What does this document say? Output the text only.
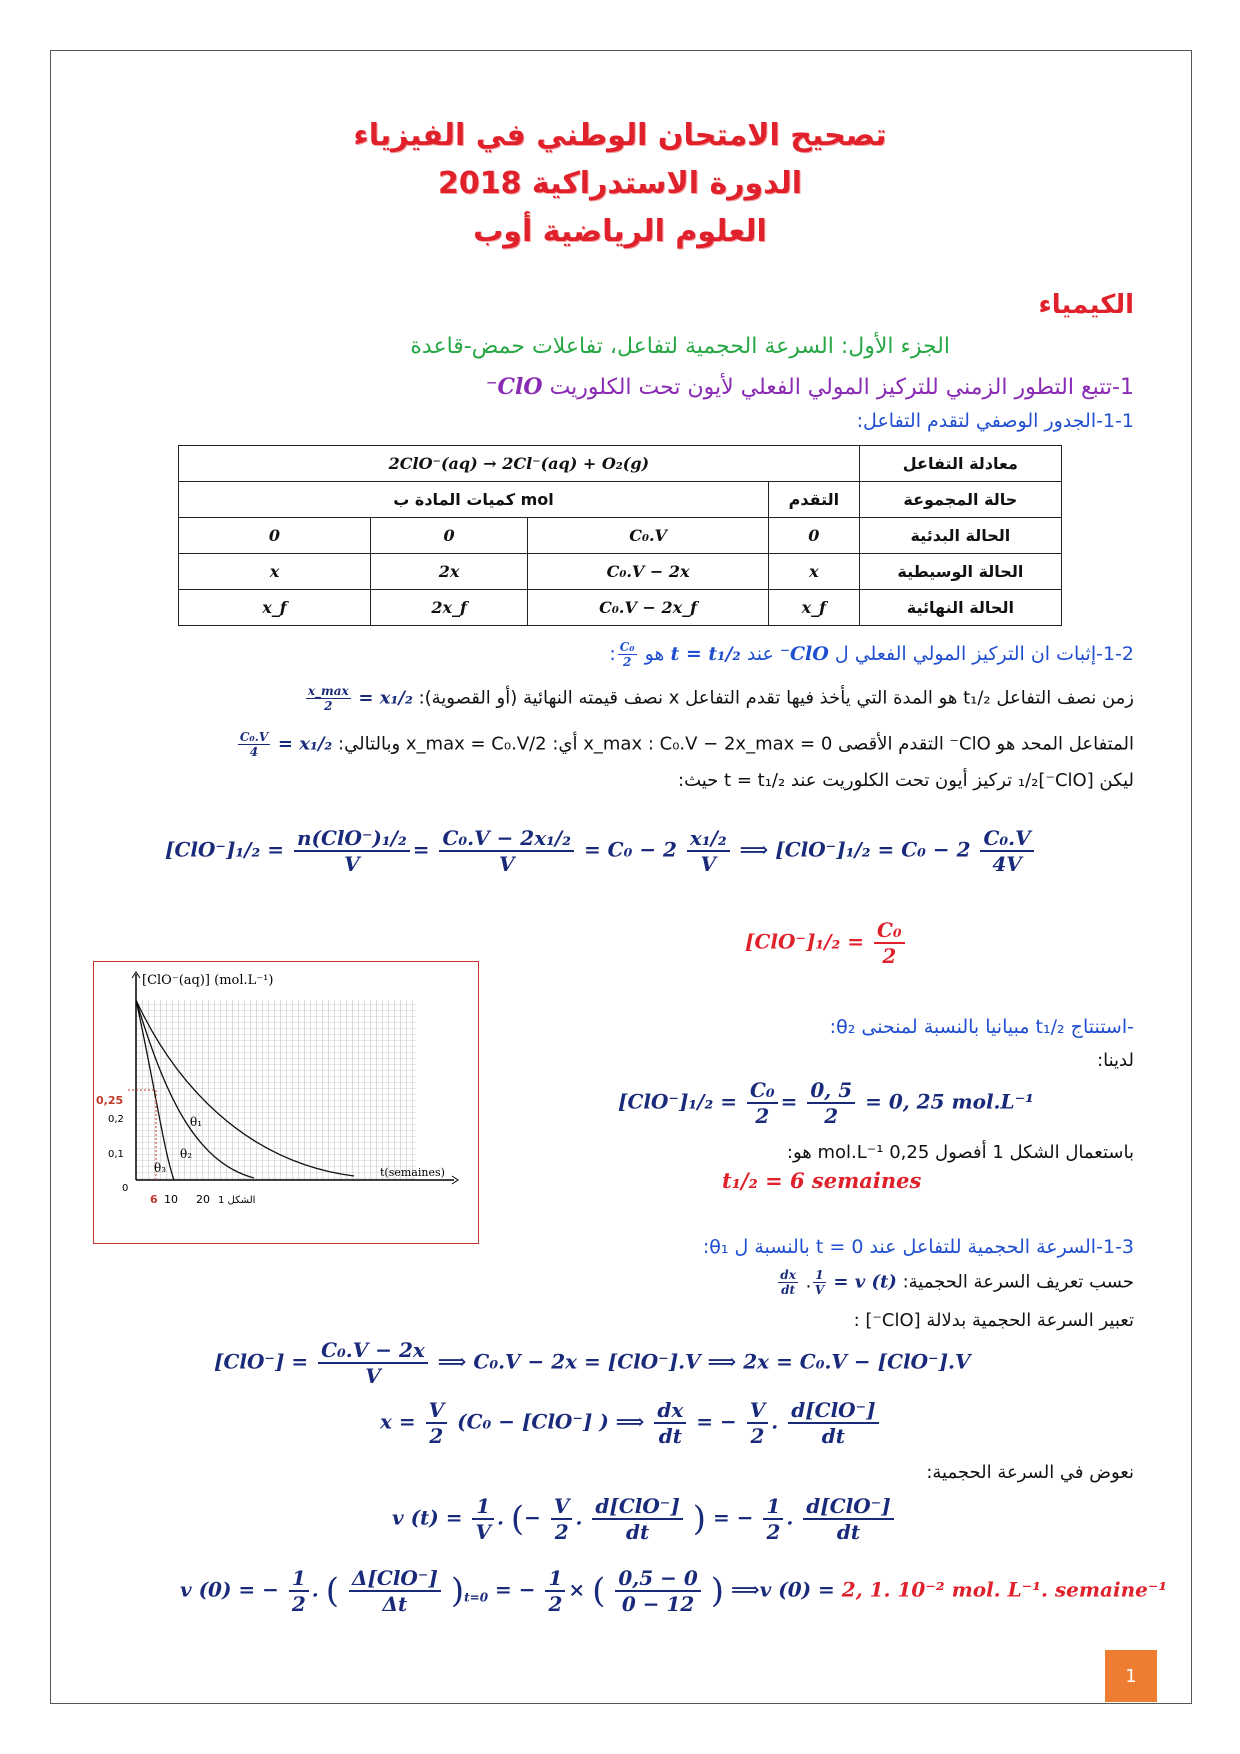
تصحيح الامتحان الوطني في الفيزياء
الدورة الاستدراكية 2018
العلوم الرياضية أوب
الكيمياء
الجزء الأول: السرعة الحجمية لتفاعل، تفاعلات حمض-قاعدة
1-تتبع التطور الزمني للتركيز المولي الفعلي لأيون تحت الكلوريت ClO⁻
1-1-الجدور الوصفي لتقدم التفاعل:
2ClO⁻(aq) → 2Cl⁻(aq) + O₂(g)				معادلة التفاعل
كميات المادة ب mol			التقدم	حالة المجموعة
0	0	C₀.V	0	الحالة البدئية
x	2x	C₀.V − 2x	x	الحالة الوسيطية
x_f	2x_f	C₀.V − 2x_f	x_f	الحالة النهائية
1-2-إثبات ان التركيز المولي الفعلي ل ClO⁻ عند t = t₁/₂ هو
$\frac{\text{C₀}}{2}$
:
زمن نصف التفاعل t₁/₂ هو المدة التي يأخذ فيها تقدم التفاعل x نصف قيمته النهائية (أو القصوية): x₁/₂ =
x_max
2
المتفاعل المحد هو ClO⁻ التقدم الأقصى x_max : C₀.V − 2x_max = 0 أي: x_max = C₀.V/2 وبالتالي: x₁/₂ =
$\frac{\text{C₀.V}}{4}$
ليكن [ClO⁻]₁/₂ تركيز أيون تحت الكلوريت عند t = t₁/₂ حيث:
$[ClO^-]_1/_2 = \frac{\text{n(ClO⁻)₁/₂}}{V} = \frac{\text{C₀.V − 2x₁/₂}}{V} = C_0 - 2 \frac{\text{x₁/₂}}{V}$ ⟹ $[ClO^-]_1/_2 = C_0 - 2 \frac{\text{C₀.V}}{4V}$
$[ClO^-]_1/_2 = \frac{\text{C₀}}{2}$
[ClO⁻(aq)] (mol.L⁻¹)
t(semaines)
0,25
0,2
0,1
0
6 10 20 الشكل 1
θ₁
θ₂
θ₃
-استنتاج t₁/₂ مبيانيا بالنسبة لمنحنى θ₂:
لدينا:
$[ClO^-]_1/_2 = \frac{\text{C₀}}{2} = \frac{0, 5}{2} = 0$, 25 mol.L⁻¹
باستعمال الشكل 1 أفصول 0,25 mol.L⁻¹ هو:
t₁/₂ = 6 semaines
1-3-السرعة الحجمية للتفاعل عند t = 0 بالنسبة ل θ₁:
حسب تعريف السرعة الحجمية: v (t) =
$\frac{1}{V}$
.
$\frac{dx}{dt}$
تعبير السرعة الحجمية بدلالة [ClO⁻] :
$[ClO^-] = \frac{\text{C₀.V − 2x}}{V}$ ⟹ C₀.V − 2x = [ClO⁻].V ⟹ 2x = C₀.V − [ClO⁻].V
$x = \frac{V}{2} (C_0 - [ClO^-]$ ) ⟹ $\frac{dx}{dt}$ = − $\frac{V}{2}$ . $\frac{\text{d[ClO⁻]}}{dt}$
نعوض في السرعة الحجمية:
v $(t) = \frac{1}{V}$ . (− $\frac{V}{2}$ . $\frac{\text{d[ClO⁻]}}{dt}$ ) = − $\frac{1}{2}$ . $\frac{\text{d[ClO⁻]}}{dt}$
v (0) = − $\frac{1}{2}$ . ( $\frac{\text{Δ[ClO⁻]}}{\Delta t} )_{t=0}$ = − $\frac{1}{2}$ × ( $\frac{0,5 - 0}{0 - 12}$ ) ⟹v (0) = 2, 1. 10⁻² mol. L⁻¹. semaine⁻¹
1
